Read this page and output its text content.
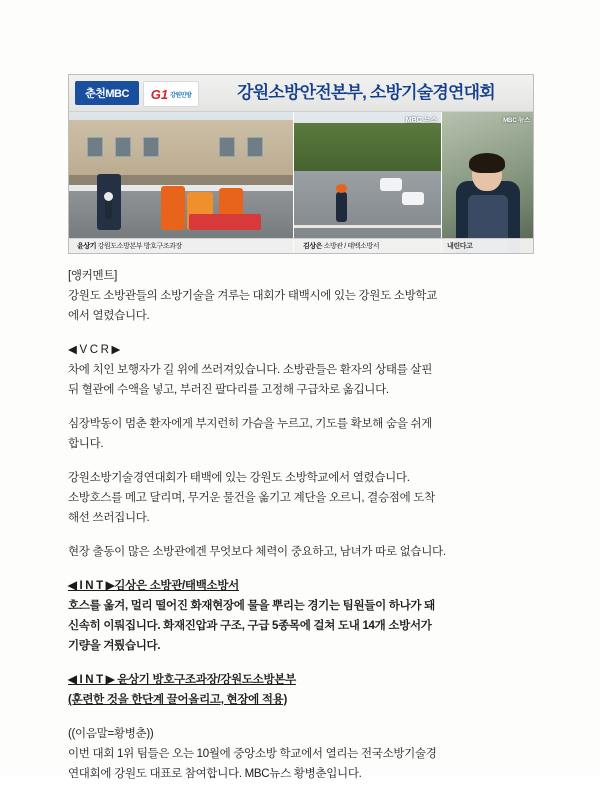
춘천MBC	G1 강원민방	강원소방안전본부, 소방기술경연대회
MBC 뉴스	MBC 뉴스
윤상기 강원도소방본부 방호구조과장	김상은 소방관 / 태백소방서	내린다고
[앵커멘트]
강원도 소방관들의 소방기술을 겨루는 대회가 태백시에 있는 강원도 소방학교
에서 열렸습니다.
◀ V C R ▶
차에 치인 보행자가 길 위에 쓰러져있습니다. 소방관들은 환자의 상태를 살핀
뒤 혈관에 수액을 넣고, 부러진 팔다리를 고정해 구급차로 옮깁니다.
심장박동이 멈춘 환자에게 부지런히 가슴을 누르고, 기도를 확보해 숨을 쉬게
합니다.
강원소방기술경연대회가 태백에 있는 강원도 소방학교에서 열렸습니다.
소방호스를 메고 달리며, 무거운 물건을 옮기고 계단을 오르니, 결승점에 도착
해선 쓰러집니다.
현장 출동이 많은 소방관에겐 무엇보다 체력이 중요하고, 남녀가 따로 없습니다.
◀ I N T ▶김상은 소방관/태백소방서
호스를 옮겨, 멀리 떨어진 화재현장에 물을 뿌리는 경기는 팀원들이 하나가 돼
신속히 이뤄집니다. 화재진압과 구조, 구급 5종목에 걸쳐 도내 14개 소방서가
기량을 겨뤘습니다.
◀ I N T ▶ 윤상기 방호구조과장/강원도소방본부
(훈련한 것을 한단계 끌어올리고, 현장에 적용)
((이음말=황병춘))
이번 대회 1위 팀들은 오는 10월에 중앙소방 학교에서 열리는 전국소방기술경
연대회에 강원도 대표로 참여합니다. MBC뉴스 황병춘입니다.
